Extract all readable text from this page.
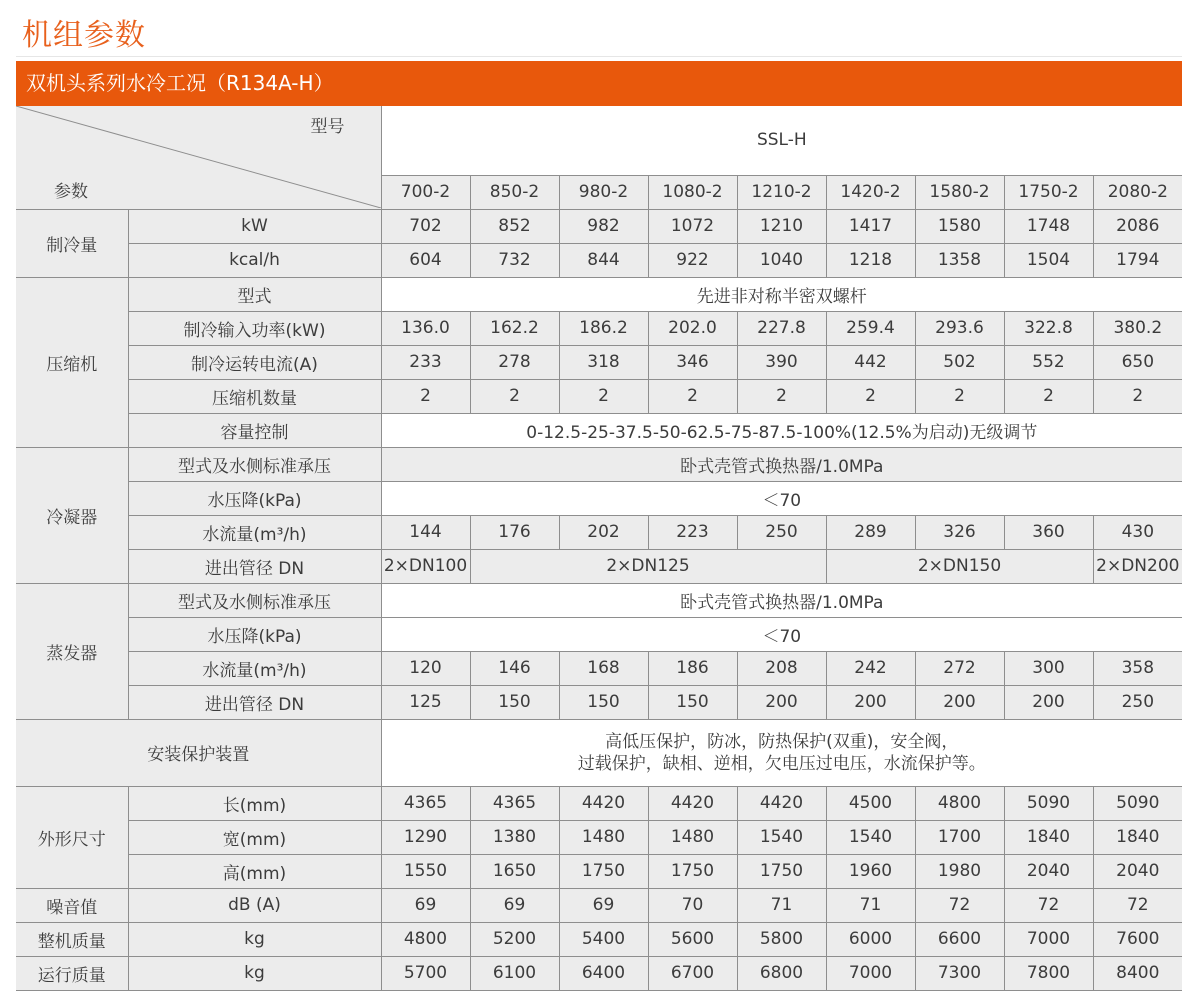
机组参数
双机头系列水冷工况（R134A-H）
型号
参数		SSL-H								
		700-2	850-2	980-2	1080-2	1210-2	1420-2	1580-2	1750-2	2080-2
制冷量	kW	702	852	982	1072	1210	1417	1580	1748	2086
	kcal/h	604	732	844	922	1040	1218	1358	1504	1794
压缩机	型式	先进非对称半密双螺杆								
	制冷输入功率(kW)	136.0	162.2	186.2	202.0	227.8	259.4	293.6	322.8	380.2
	制冷运转电流(A)	233	278	318	346	390	442	502	552	650
	压缩机数量	2	2	2	2	2	2	2	2	2
	容量控制	0-12.5-25-37.5-50-62.5-75-87.5-100%(12.5%为启动)无级调节								
冷凝器	型式及水侧标准承压	卧式壳管式换热器/1.0MPa								
	水压降(kPa)	＜70								
	水流量(m³/h)	144	176	202	223	250	289	326	360	430
	进出管径 DN	2×DN100	2×DN125				2×DN150			2×DN200
蒸发器	型式及水侧标准承压	卧式壳管式换热器/1.0MPa								
	水压降(kPa)	＜70								
	水流量(m³/h)	120	146	168	186	208	242	272	300	358
	进出管径 DN	125	150	150	150	200	200	200	200	250
安装保护装置		高低压保护，防冰，防热保护(双重)，安全阀，
过载保护，缺相、逆相，欠电压过电压，水流保护等。								

外形尺寸	长(mm)	4365	4365	4420	4420	4420	4500	4800	5090	5090
	宽(mm)	1290	1380	1480	1480	1540	1540	1700	1840	1840
	高(mm)	1550	1650	1750	1750	1750	1960	1980	2040	2040
噪音值	dB (A)	69	69	69	70	71	71	72	72	72
整机质量	kg	4800	5200	5400	5600	5800	6000	6600	7000	7600
运行质量	kg	5700	6100	6400	6700	6800	7000	7300	7800	8400
